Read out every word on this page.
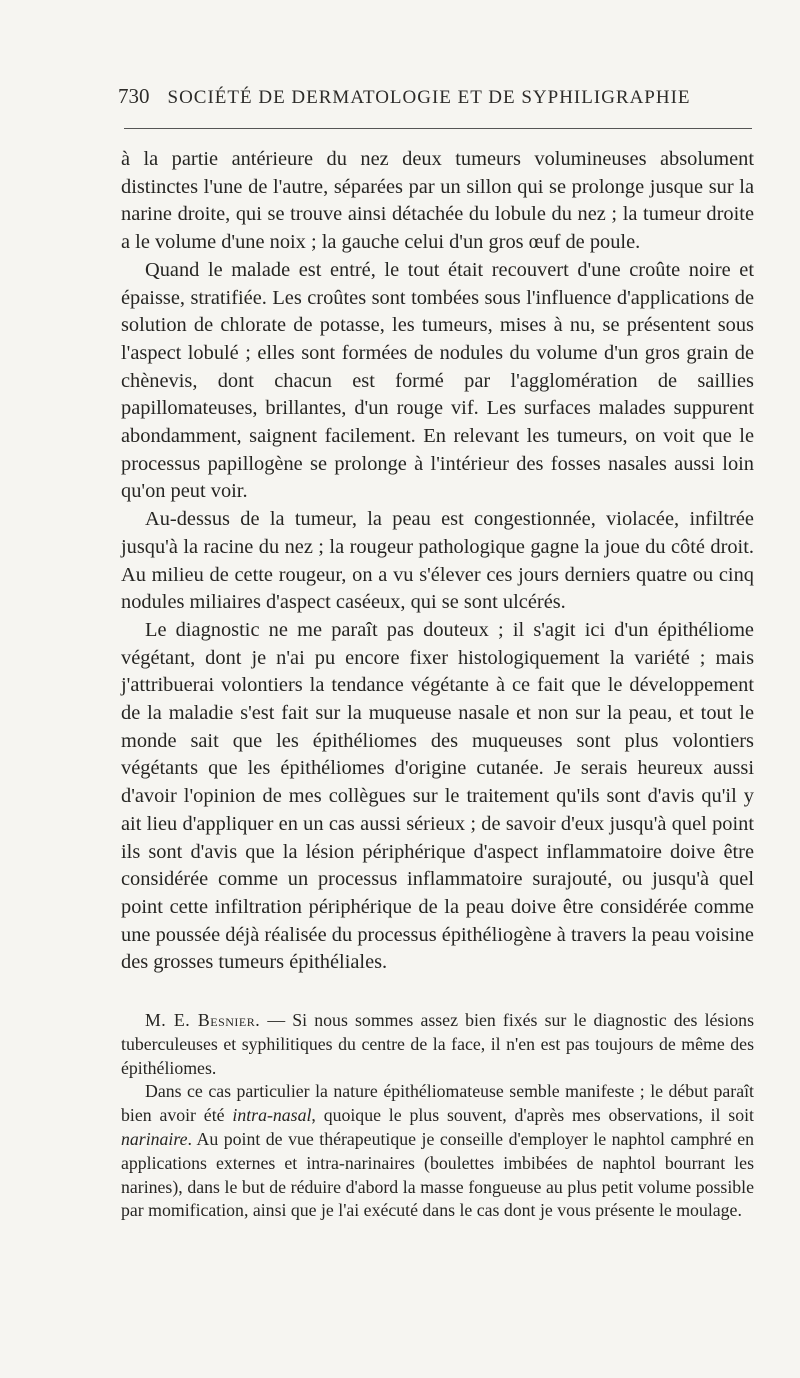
730 SOCIÉTÉ DE DERMATOLOGIE ET DE SYPHILIGRAPHIE

à la partie antérieure du nez deux tumeurs volumineuses absolument distinctes l'une de l'autre, séparées par un sillon qui se prolonge jusque sur la narine droite, qui se trouve ainsi détachée du lobule du nez ; la tumeur droite a le volume d'une noix ; la gauche celui d'un gros œuf de poule.

Quand le malade est entré, le tout était recouvert d'une croûte noire et épaisse, stratifiée. Les croûtes sont tombées sous l'influence d'applications de solution de chlorate de potasse, les tumeurs, mises à nu, se présentent sous l'aspect lobulé ; elles sont formées de nodules du volume d'un gros grain de chènevis, dont chacun est formé par l'agglomération de saillies papillomateuses, brillantes, d'un rouge vif. Les surfaces malades suppurent abondamment, saignent facilement. En relevant les tumeurs, on voit que le processus papillogène se prolonge à l'intérieur des fosses nasales aussi loin qu'on peut voir.

Au-dessus de la tumeur, la peau est congestionnée, violacée, infiltrée jusqu'à la racine du nez ; la rougeur pathologique gagne la joue du côté droit. Au milieu de cette rougeur, on a vu s'élever ces jours derniers quatre ou cinq nodules miliaires d'aspect caséeux, qui se sont ulcérés.

Le diagnostic ne me paraît pas douteux ; il s'agit ici d'un épithéliome végétant, dont je n'ai pu encore fixer histologiquement la variété ; mais j'attribuerai volontiers la tendance végétante à ce fait que le développement de la maladie s'est fait sur la muqueuse nasale et non sur la peau, et tout le monde sait que les épithéliomes des muqueuses sont plus volontiers végétants que les épithéliomes d'origine cutanée. Je serais heureux aussi d'avoir l'opinion de mes collègues sur le traitement qu'ils sont d'avis qu'il y ait lieu d'appliquer en un cas aussi sérieux ; de savoir d'eux jusqu'à quel point ils sont d'avis que la lésion périphérique d'aspect inflammatoire doive être considérée comme un processus inflammatoire surajouté, ou jusqu'à quel point cette infiltration périphérique de la peau doive être considérée comme une poussée déjà réalisée du processus épithéliogène à travers la peau voisine des grosses tumeurs épithéliales.

M. E. Besnier. — Si nous sommes assez bien fixés sur le diagnostic des lésions tuberculeuses et syphilitiques du centre de la face, il n'en est pas toujours de même des épithéliomes.

Dans ce cas particulier la nature épithéliomateuse semble manifeste ; le début paraît bien avoir été intra-nasal, quoique le plus souvent, d'après mes observations, il soit narinaire. Au point de vue thérapeutique je conseille d'employer le naphtol camphré en applications externes et intra-narinaires (boulettes imbibées de naphtol bourrant les narines), dans le but de réduire d'abord la masse fongueuse au plus petit volume possible par momification, ainsi que je l'ai exécuté dans le cas dont je vous présente le moulage.
